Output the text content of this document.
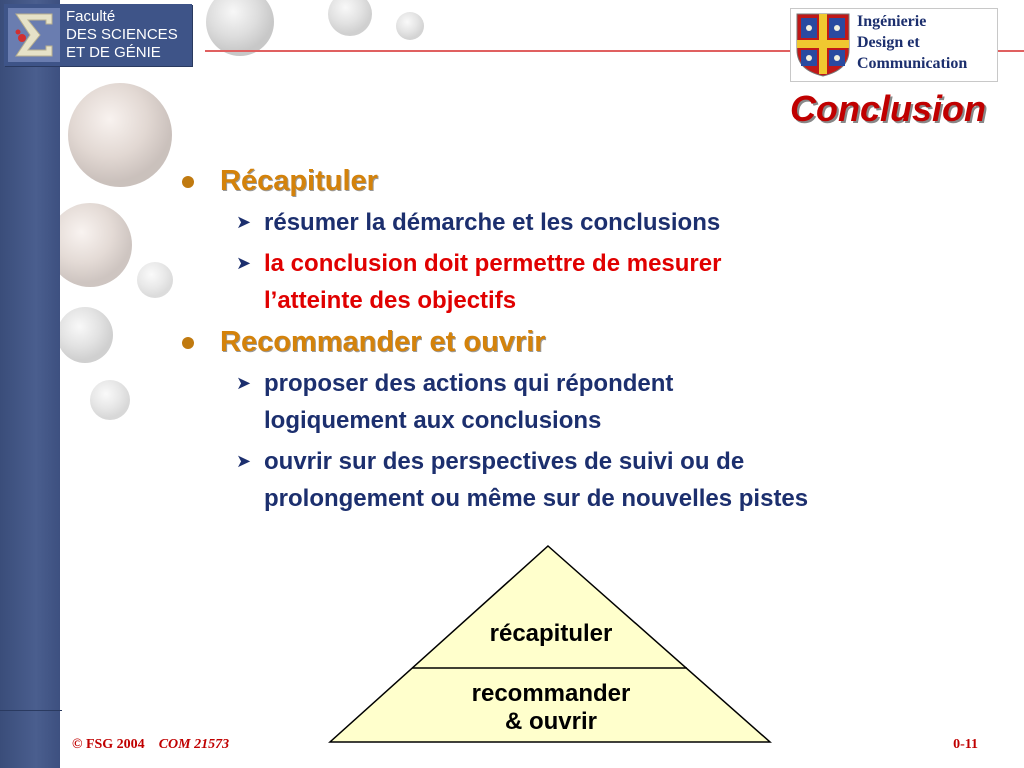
Faculté
DES SCIENCES
ET DE GÉNIE
Ingénierie
Design et
Communication
Conclusion
Récapituler
➤ résumer la démarche et les conclusions
➤ la conclusion doit permettre de mesurer
l’atteinte des objectifs
Recommander et ouvrir
➤ proposer des actions qui répondent
logiquement aux conclusions
➤ ouvrir sur des perspectives de suivi ou de
prolongement ou même sur de nouvelles pistes
récapituler
recommander
& ouvrir
© FSG 2004 COM 21573	0-11
